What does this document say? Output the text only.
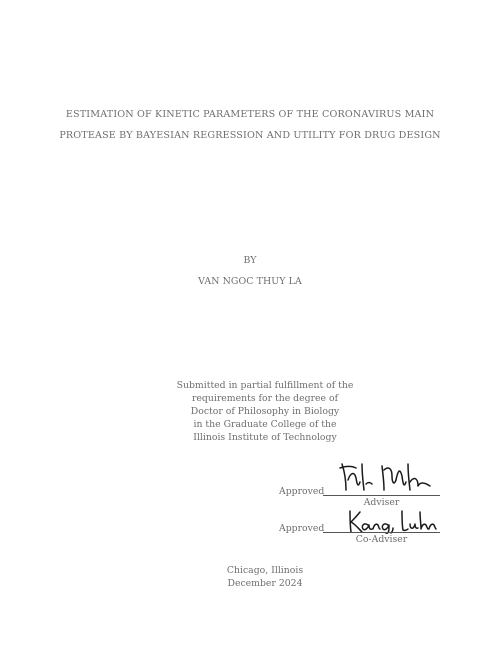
ESTIMATION OF KINETIC PARAMETERS OF THE CORONAVIRUS MAIN
PROTEASE BY BAYESIAN REGRESSION AND UTILITY FOR DRUG DESIGN
BY
VAN NGOC THUY LA
Submitted in partial fulfillment of the
requirements for the degree of
Doctor of Philosophy in Biology
in the Graduate College of the
Illinois Institute of Technology
Approved
Adviser
Approved
Co-Adviser
Chicago, Illinois
December 2024
